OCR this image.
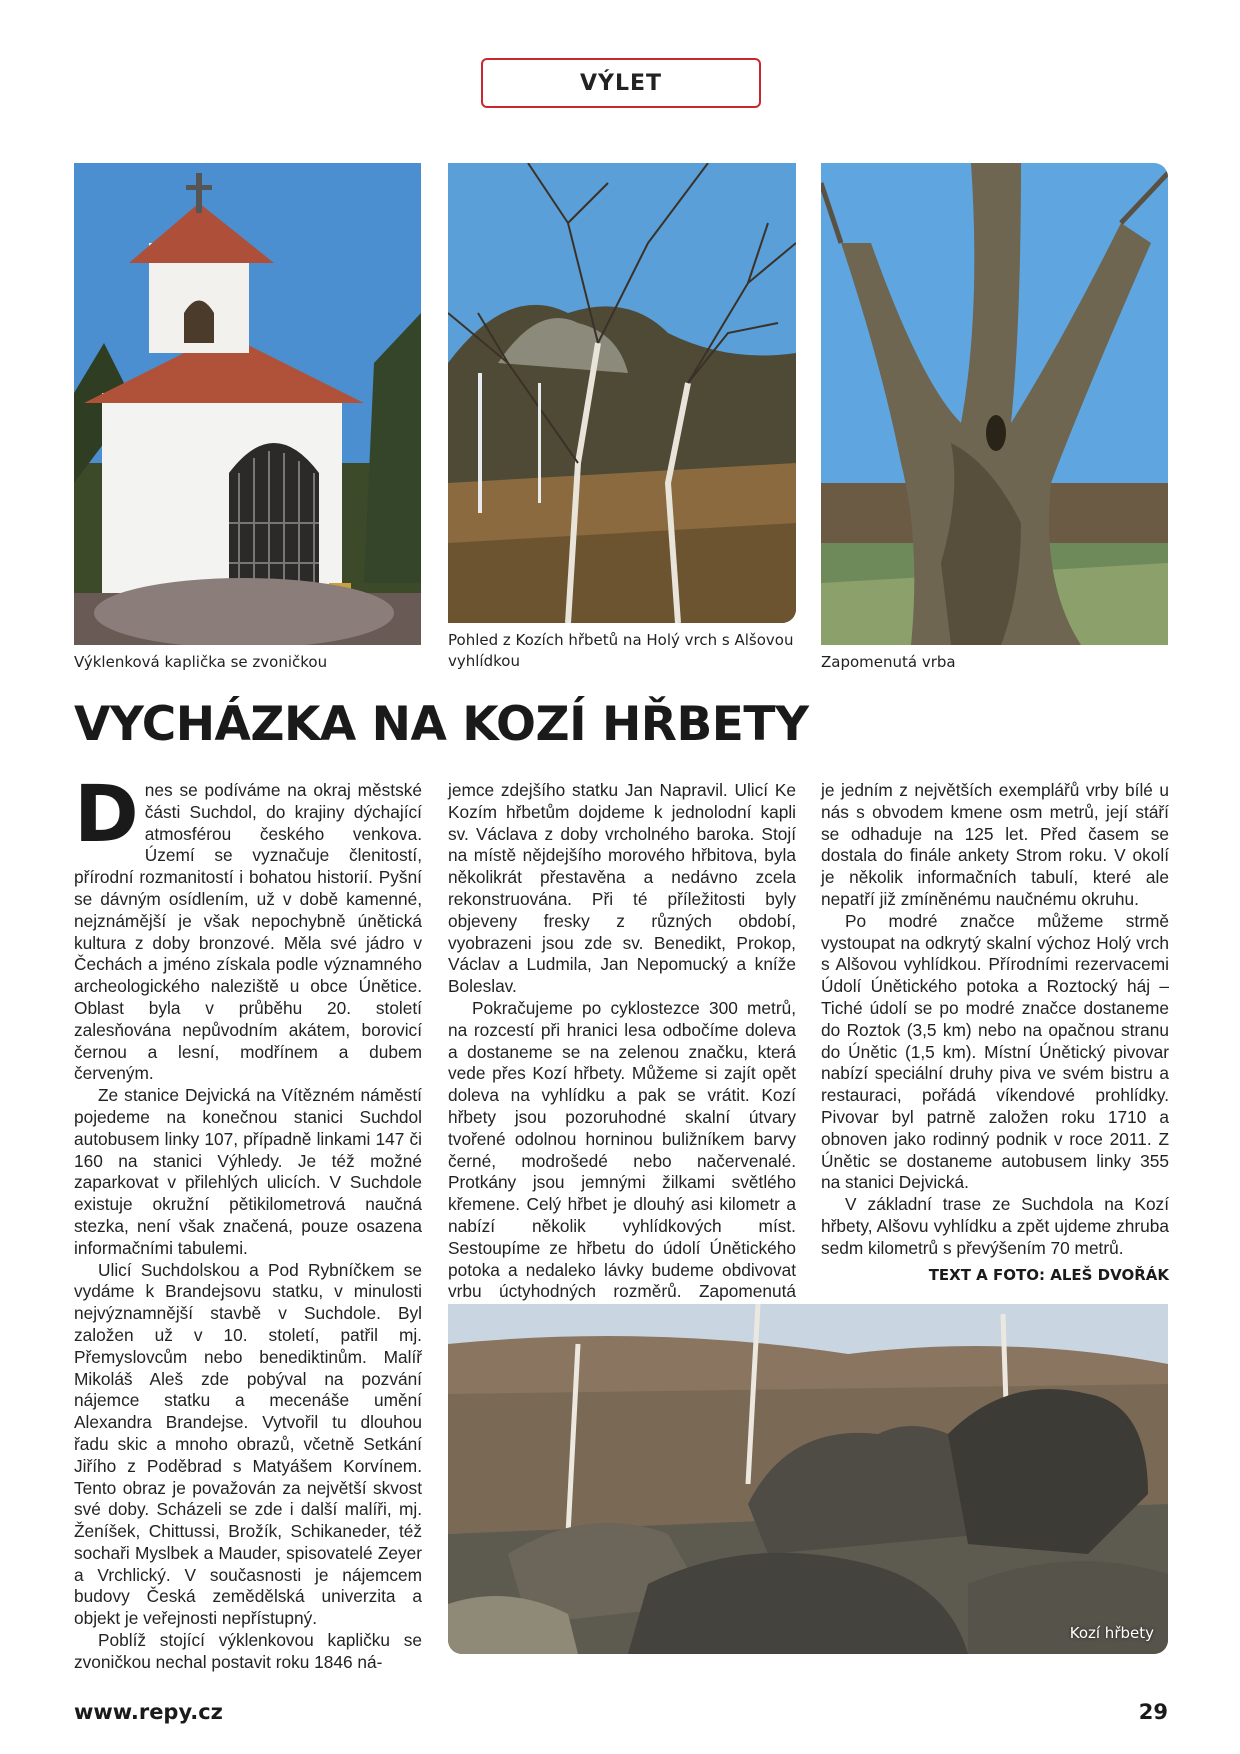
VÝLET
Výklenková kaplička se zvoničkou
Pohled z Kozích hřbetů na Holý vrch s Alšovou vyhlídkou	Zapomenutá vrba
VYCHÁZKA NA KOZÍ HŘBETY

Dnes se podíváme na okraj městské části Suchdol, do krajiny dýchající atmosférou českého venkova. Území se vyznačuje členitostí, přírodní rozmanitostí i bohatou historií. Pyšní se dávným osídlením, už v době kamenné, nejznámější je však nepochybně únětická kultura z doby bronzové. Měla své jádro v Čechách a jméno získala podle významného archeologického naleziště u obce Únětice. Oblast byla v průběhu 20. století zalesňována nepůvodním akátem, borovicí černou a lesní, modřínem a dubem červeným.

Ze stanice Dejvická na Vítězném náměstí pojedeme na konečnou stanici Suchdol autobusem linky 107, případně linkami 147 či 160 na stanici Výhledy. Je též možné zaparkovat v přilehlých ulicích. V Suchdole existuje okružní pětikilometrová naučná stezka, není však značená, pouze osazena informačními tabulemi.

Ulicí Suchdolskou a Pod Rybníčkem se vydáme k Brandejsovu statku, v minulosti nejvýznamnější stavbě v Suchdole. Byl založen už v 10. století, patřil mj. Přemyslovcům nebo benediktinům. Malíř Mikoláš Aleš zde pobýval na pozvání nájemce statku a mecenáše umění Alexandra Brandejse. Vytvořil tu dlouhou řadu skic a mnoho obrazů, včetně Setkání Jiřího z Poděbrad s Matyášem Korvínem. Tento obraz je považován za největší skvost své doby. Scházeli se zde i další malíři, mj. Ženíšek, Chittussi, Brožík, Schikaneder, též sochaři Myslbek a Mauder, spisovatelé Zeyer a Vrchlický. V současnosti je nájemcem budovy Česká zemědělská univerzita a objekt je veřejnosti nepřístupný.

Poblíž stojící výklenkovou kapličku se zvoničkou nechal postavit roku 1846 ná-

jemce zdejšího statku Jan Napravil. Ulicí Ke Kozím hřbetům dojdeme k jednolodní kapli sv. Václava z doby vrcholného baroka. Stojí na místě nějdejšího morového hřbitova, byla několikrát přestavěna a nedávno zcela rekonstruována. Při té příležitosti byly objeveny fresky z různých období, vyobrazeni jsou zde sv. Benedikt, Prokop, Václav a Ludmila, Jan Nepomucký a kníže Boleslav.

Pokračujeme po cyklostezce 300 metrů, na rozcestí při hranici lesa odbočíme doleva a dostaneme se na zelenou značku, která vede přes Kozí hřbety. Můžeme si zajít opět doleva na vyhlídku a pak se vrátit. Kozí hřbety jsou pozoruhodné skalní útvary tvořené odolnou horninou buližníkem barvy černé, modrošedé nebo načervenalé. Protkány jsou jemnými žilkami světlého křemene. Celý hřbet je dlouhý asi kilometr a nabízí několik vyhlídkových míst. Sestoupíme ze hřbetu do údolí Únětického potoka a nedaleko lávky budeme obdivovat vrbu úctyhodných rozměrů. Zapomenutá

je jedním z největších exemplářů vrby bílé u nás s obvodem kmene osm metrů, její stáří se odhaduje na 125 let. Před časem se dostala do finále ankety Strom roku. V okolí je několik informačních tabulí, které ale nepatří již zmíněnému naučnému okruhu.

Po modré značce můžeme strmě vystoupat na odkrytý skalní výchoz Holý vrch s Alšovou vyhlídkou. Přírodními rezervacemi Údolí Únětického potoka a Roztocký háj – Tiché údolí se po modré značce dostaneme do Roztok (3,5 km) nebo na opačnou stranu do Únětic (1,5 km). Místní Únětický pivovar nabízí speciální druhy piva ve svém bistru a restauraci, pořádá víkendové prohlídky. Pivovar byl patrně založen roku 1710 a obnoven jako rodinný podnik v roce 2011. Z Únětic se dostaneme autobusem linky 355 na stanici Dejvická.

V základní trase ze Suchdola na Kozí hřbety, Alšovu vyhlídku a zpět ujdeme zhruba sedm kilometrů s převýšením 70 metrů.

TEXT A FOTO: ALEŠ DVOŘÁK
Kozí hřbety
www.repy.cz	29
